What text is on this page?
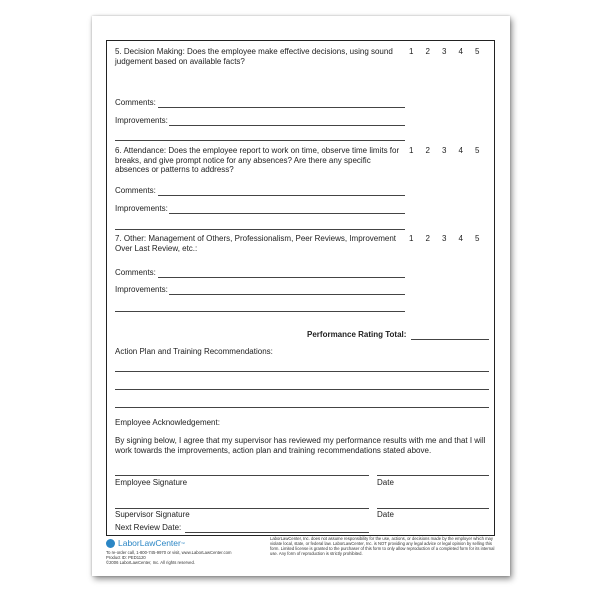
5. Decision Making: Does the employee make effective decisions, using sound judgement based on available facts?
1	2	3	4	5
Comments:
Improvements:
6. Attendance: Does the employee report to work on time, observe time limits for breaks, and give prompt notice for any absences? Are there any specific absences or patterns to address?
1	2	3	4	5
Comments:
Improvements:
7. Other: Management of Others, Professionalism, Peer Reviews, Improvement Over Last Review, etc.:
1	2	3	4	5
Comments:
Improvements:
Performance Rating Total:
Action Plan and Training Recommendations:
Employee Acknowledgement:
By signing below, I agree that my supervisor has reviewed my performance results with me and that I will work towards the improvements, action plan and training recommendations stated above.
Employee Signature	Date
Supervisor Signature	Date
Next Review Date:
LaborLawCenter ™
To re-order call, 1-800-745-9970 or visit, www.LaborLawCenter.com
Product ID: PED1120
©2006 LaborLawCenter, Inc. All rights reserved.
LaborLawCenter, Inc. does not assume responsibility for the use, actions, or decisions made by the employer which may violate local, state, or federal law. LaborLawCenter, Inc. is NOT providing any legal advice or legal opinion by selling this form. Limited license is granted to the purchaser of this form to only allow reproduction of a completed form for its internal use. Any form of reproduction is strictly prohibited.
